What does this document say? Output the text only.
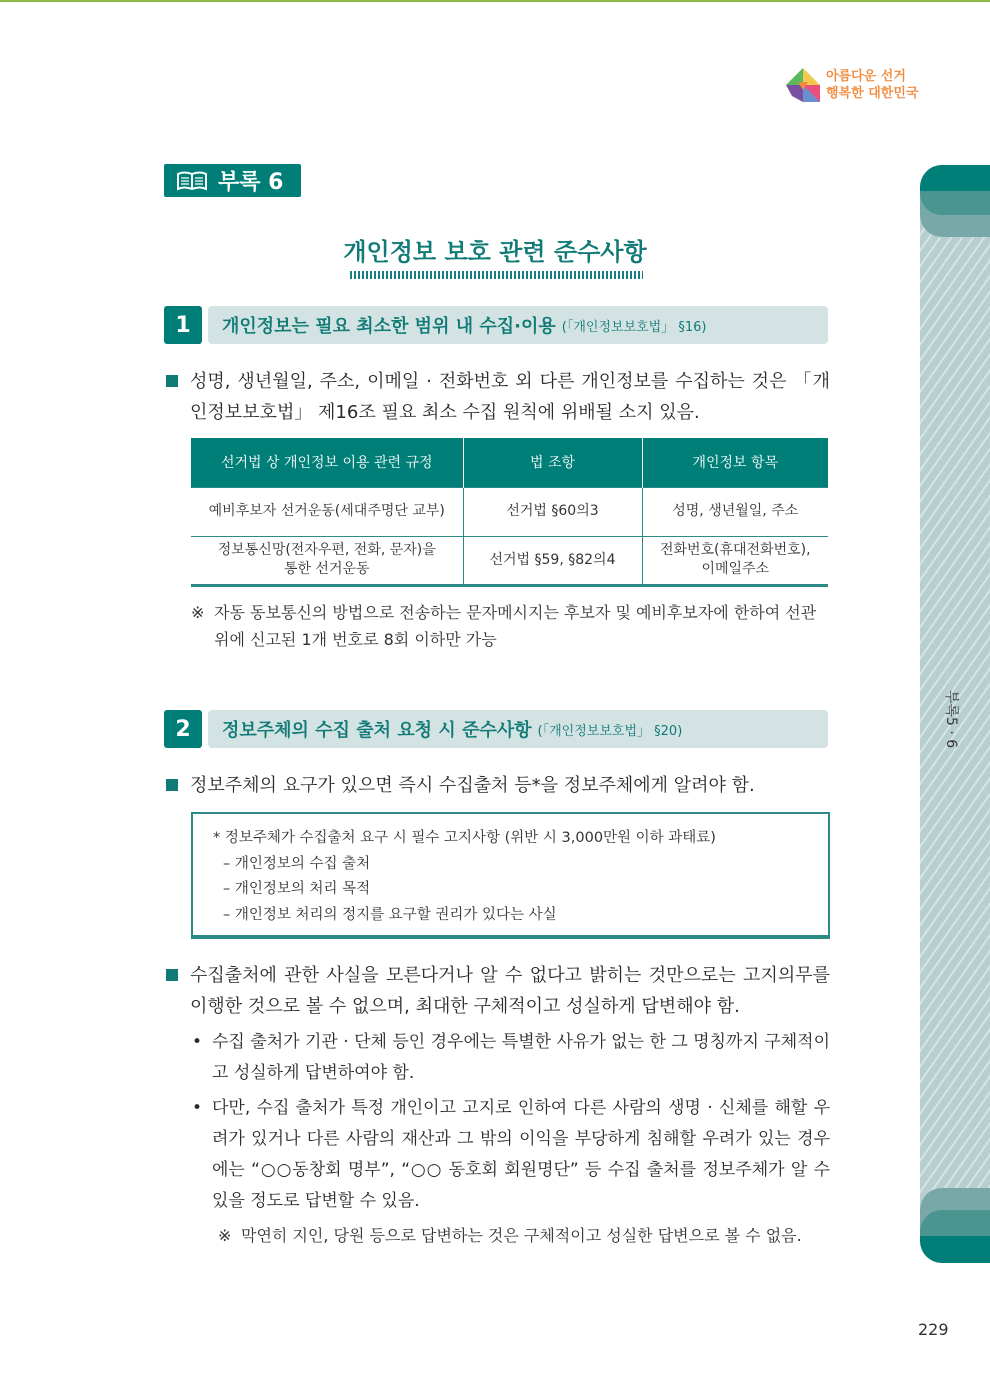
아름다운 선거
행복한 대한민국
부록 6
개인정보 보호 관련 준수사항
1	개인정보는 필요 최소한 범위 내 수집·이용 (「개인정보보호법」 §16)
성명, 생년월일, 주소, 이메일 · 전화번호 외 다른 개인정보를 수집하는 것은 「개인정보보호법」 제16조 필요 최소 수집 원칙에 위배될 소지 있음.
선거법 상 개인정보 이용 관련 규정	법 조항	개인정보 항목
예비후보자 선거운동(세대주명단 교부)	선거법 §60의3	성명, 생년월일, 주소
정보통신망(전자우편, 전화, 문자)을
통한 선거운동	선거법 §59, §82의4	전화번호(휴대전화번호),
이메일주소
※ 자동 동보통신의 방법으로 전송하는 문자메시지는 후보자 및 예비후보자에 한하여 선관위에 신고된 1개 번호로 8회 이하만 가능
2	정보주체의 수집 출처 요청 시 준수사항 (「개인정보보호법」 §20)
정보주체의 요구가 있으면 즉시 수집출처 등*을 정보주체에게 알려야 함.
* 정보주체가 수집출처 요구 시 필수 고지사항 (위반 시 3,000만원 이하 과태료)
– 개인정보의 수집 출처
– 개인정보의 처리 목적
– 개인정보 처리의 정지를 요구할 권리가 있다는 사실
수집출처에 관한 사실을 모른다거나 알 수 없다고 밝히는 것만으로는 고지의무를 이행한 것으로 볼 수 없으며, 최대한 구체적이고 성실하게 답변해야 함.
• 수집 출처가 기관 · 단체 등인 경우에는 특별한 사유가 없는 한 그 명칭까지 구체적이고 성실하게 답변하여야 함.
• 다만, 수집 출처가 특정 개인이고 고지로 인하여 다른 사람의 생명 · 신체를 해할 우려가 있거나 다른 사람의 재산과 그 밖의 이익을 부당하게 침해할 우려가 있는 경우에는 “○○동창회 명부”, “○○ 동호회 회원명단” 등 수집 출처를 정보주체가 알 수 있을 정도로 답변할 수 있음.
※ 막연히 지인, 당원 등으로 답변하는 것은 구체적이고 성실한 답변으로 볼 수 없음.
부록5 · 6
229
